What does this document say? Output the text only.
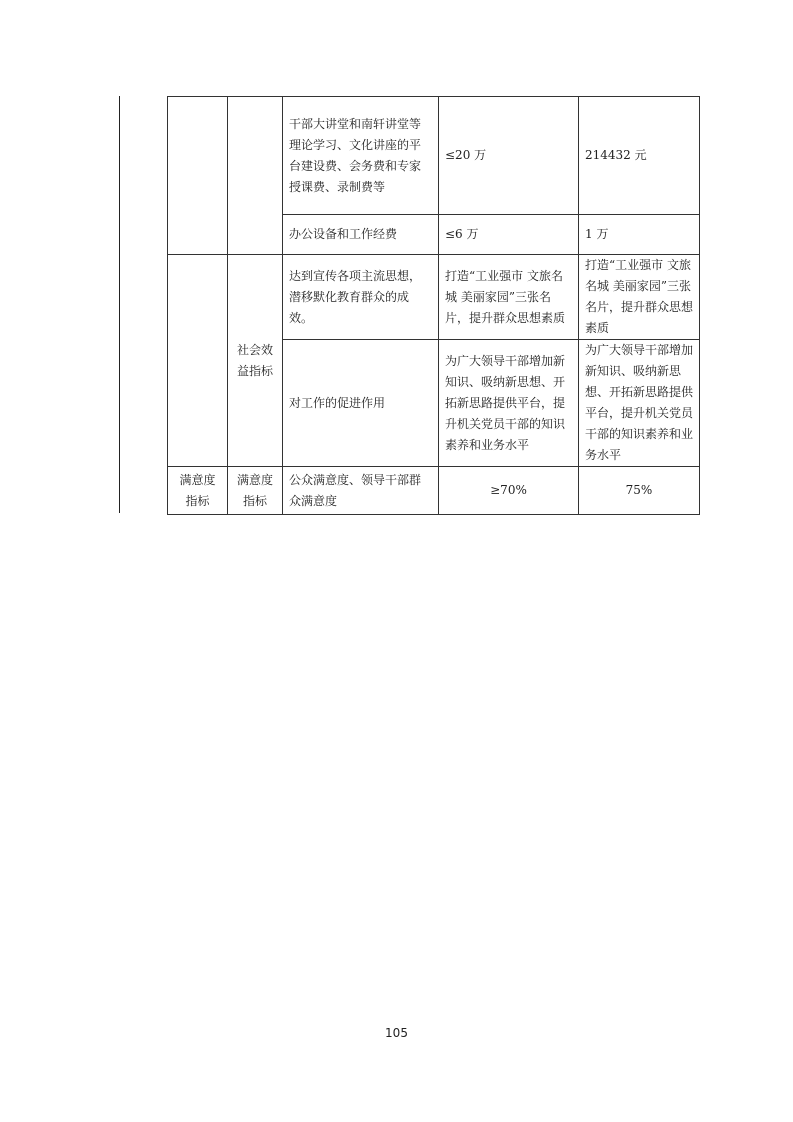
		干部大讲堂和南轩讲堂等理论学习、文化讲座的平台建设费、会务费和专家授课费、录制费等	≤20 万	214432 元
		办公设备和工作经费	≤6 万	1 万
	社会效益指标	达到宣传各项主流思想，潜移默化教育群众的成效。	打造“工业强市 文旅名城 美丽家园”三张名片，提升群众思想素质	打造“工业强市 文旅名城 美丽家园”三张名片，提升群众思想素质
		对工作的促进作用	为广大领导干部增加新知识、吸纳新思想、开拓新思路提供平台，提升机关党员干部的知识素养和业务水平	为广大领导干部增加新知识、吸纳新思想、开拓新思路提供平台，提升机关党员干部的知识素养和业务水平
满意度指标	满意度指标	公众满意度、领导干部群众满意度	≥70%	75%
105
